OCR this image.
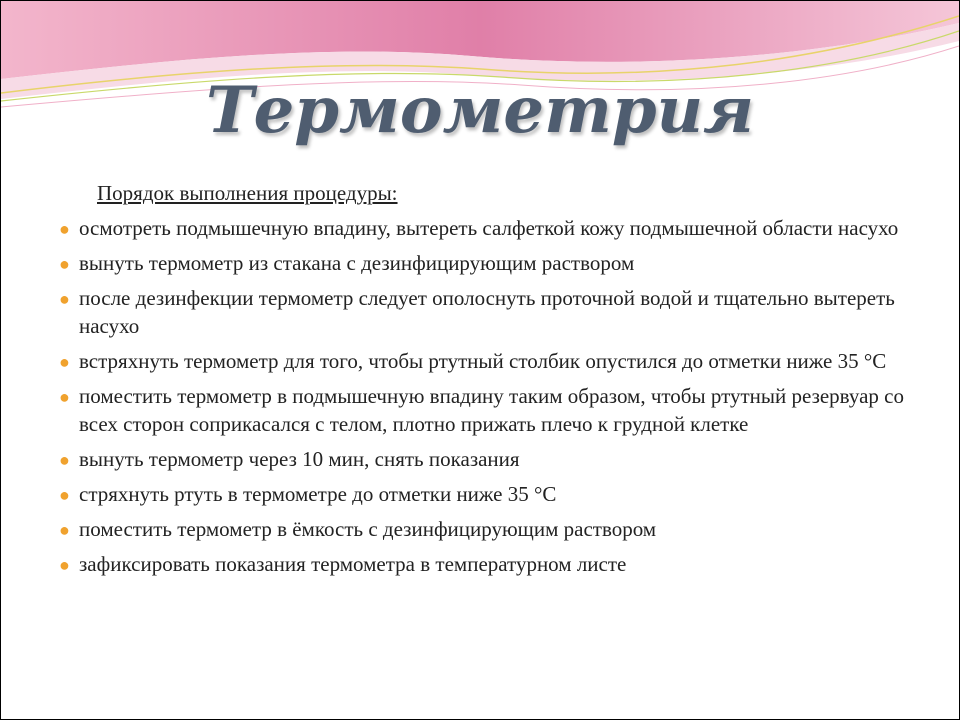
Термометрия
Порядок выполнения процедуры:
● осмотреть подмышечную впадину, вытереть салфеткой кожу подмышечной области насухо
● вынуть термометр из стакана с дезинфицирующим раствором
● после дезинфекции термометр следует ополоснуть проточной водой и тщательно вытереть насухо
● встряхнуть термометр для того, чтобы ртутный столбик опустился до отметки ниже 35 °С
● поместить термометр в подмышечную впадину таким образом, чтобы ртутный резервуар со всех сторон соприкасался с телом, плотно прижать плечо к грудной клетке
● вынуть термометр через 10 мин, снять показания
● стряхнуть ртуть в термометре до отметки ниже 35 °С
● поместить термометр в ёмкость с дезинфицирующим раствором
● зафиксировать показания термометра в температурном листе
